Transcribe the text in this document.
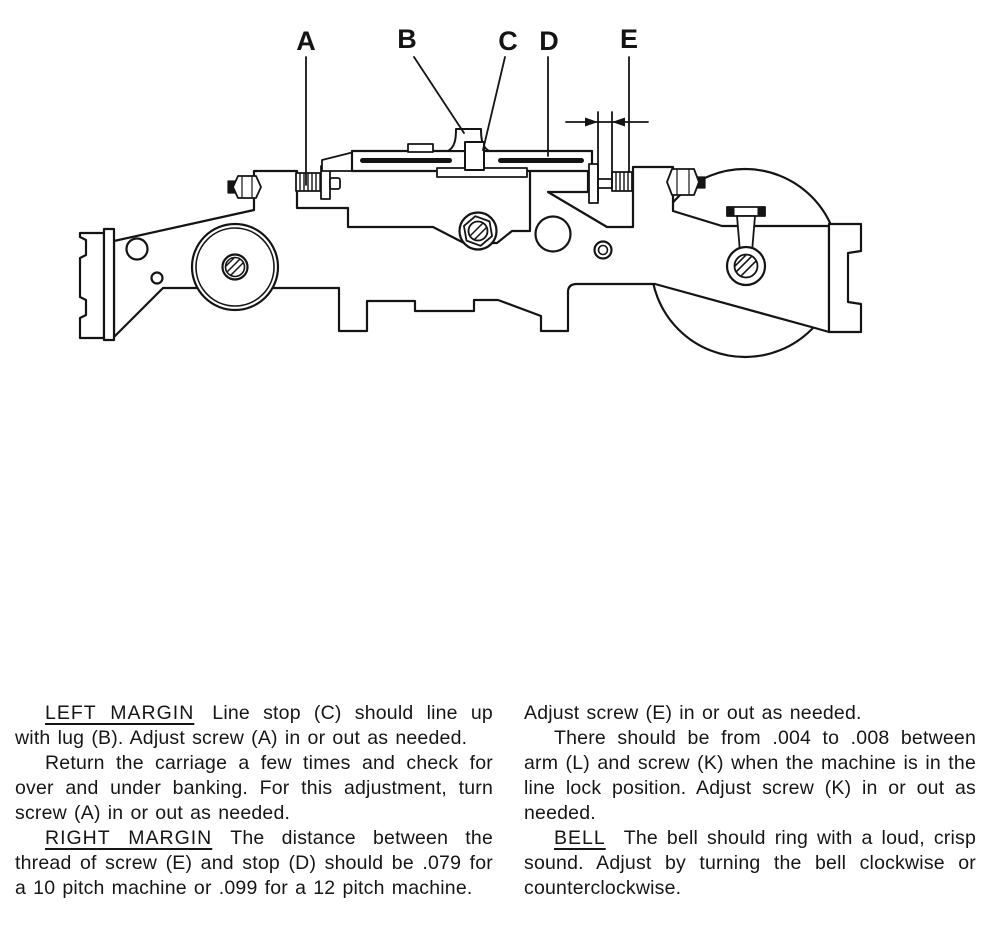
A	B	C D E

LEFT MARGIN Line stop (C) should line up with lug (B). Adjust screw (A) in or out as needed.

Return the carriage a few times and check for over and under banking. For this adjustment, turn screw (A) in or out as needed.

RIGHT MARGIN The distance between the thread of screw (E) and stop (D) should be .079 for a 10 pitch machine or .099 for a 12 pitch machine.

Adjust screw (E) in or out as needed.

There should be from .004 to .008 between arm (L) and screw (K) when the machine is in the line lock position. Adjust screw (K) in or out as needed.

BELL The bell should ring with a loud, crisp sound. Adjust by turning the bell clockwise or counterclockwise.
